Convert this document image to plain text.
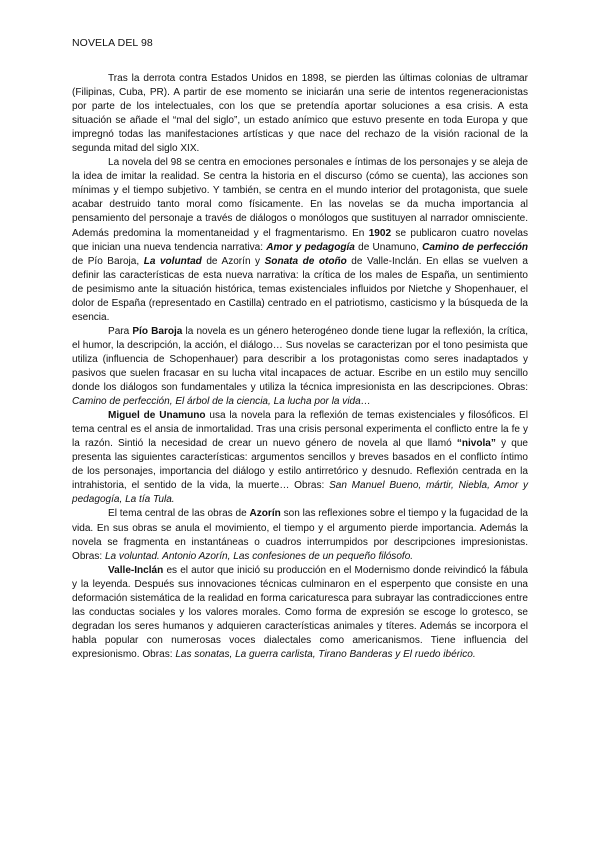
NOVELA DEL 98

Tras la derrota contra Estados Unidos en 1898, se pierden las últimas colonias de ultramar (Filipinas, Cuba, PR). A partir de ese momento se iniciarán una serie de intentos regeneracionistas por parte de los intelectuales, con los que se pretendía aportar soluciones a esa crisis. A esta situación se añade el “mal del siglo”, un estado anímico que estuvo presente en toda Europa y que impregnó todas las manifestaciones artísticas y que nace del rechazo de la visión racional de la segunda mitad del siglo XIX.

La novela del 98 se centra en emociones personales e íntimas de los personajes y se aleja de la idea de imitar la realidad. Se centra la historia en el discurso (cómo se cuenta), las acciones son mínimas y el tiempo subjetivo. Y también, se centra en el mundo interior del protagonista, que suele acabar destruido tanto moral como físicamente. En las novelas se da mucha importancia al pensamiento del personaje a través de diálogos o monólogos que sustituyen al narrador omnisciente. Además predomina la momentaneidad y el fragmentarismo. En 1902 se publicaron cuatro novelas que inician una nueva tendencia narrativa: Amor y pedagogía de Unamuno, Camino de perfección de Pío Baroja, La voluntad de Azorín y Sonata de otoño de Valle-Inclán. En ellas se vuelven a definir las características de esta nueva narrativa: la crítica de los males de España, un sentimiento de pesimismo ante la situación histórica, temas existenciales influidos por Nietche y Shopenhauer, el dolor de España (representado en Castilla) centrado en el patriotismo, casticismo y la búsqueda de la esencia.

Para Pío Baroja la novela es un género heterogéneo donde tiene lugar la reflexión, la crítica, el humor, la descripción, la acción, el diálogo… Sus novelas se caracterizan por el tono pesimista que utiliza (influencia de Schopenhauer) para describir a los protagonistas como seres inadaptados y pasivos que suelen fracasar en su lucha vital incapaces de actuar. Escribe en un estilo muy sencillo donde los diálogos son fundamentales y utiliza la técnica impresionista en las descripciones. Obras: Camino de perfección, El árbol de la ciencia, La lucha por la vida…

Miguel de Unamuno usa la novela para la reflexión de temas existenciales y filosóficos. El tema central es el ansia de inmortalidad. Tras una crisis personal experimenta el conflicto entre la fe y la razón. Sintió la necesidad de crear un nuevo género de novela al que llamó “nivola” y que presenta las siguientes características: argumentos sencillos y breves basados en el conflicto íntimo de los personajes, importancia del diálogo y estilo antirretórico y desnudo. Reflexión centrada en la intrahistoria, el sentido de la vida, la muerte… Obras: San Manuel Bueno, mártir, Niebla, Amor y pedagogía, La tía Tula.

El tema central de las obras de Azorín son las reflexiones sobre el tiempo y la fugacidad de la vida. En sus obras se anula el movimiento, el tiempo y el argumento pierde importancia. Además la novela se fragmenta en instantáneas o cuadros interrumpidos por descripciones impresionistas. Obras: La voluntad. Antonio Azorín, Las confesiones de un pequeño filósofo.

Valle-Inclán es el autor que inició su producción en el Modernismo donde reivindicó la fábula y la leyenda. Después sus innovaciones técnicas culminaron en el esperpento que consiste en una deformación sistemática de la realidad en forma caricaturesca para subrayar las contradicciones entre las conductas sociales y los valores morales. Como forma de expresión se escoge lo grotesco, se degradan los seres humanos y adquieren características animales y títeres. Además se incorpora el habla popular con numerosas voces dialectales como americanismos. Tiene influencia del expresionismo. Obras: Las sonatas, La guerra carlista, Tirano Banderas y El ruedo ibérico.
